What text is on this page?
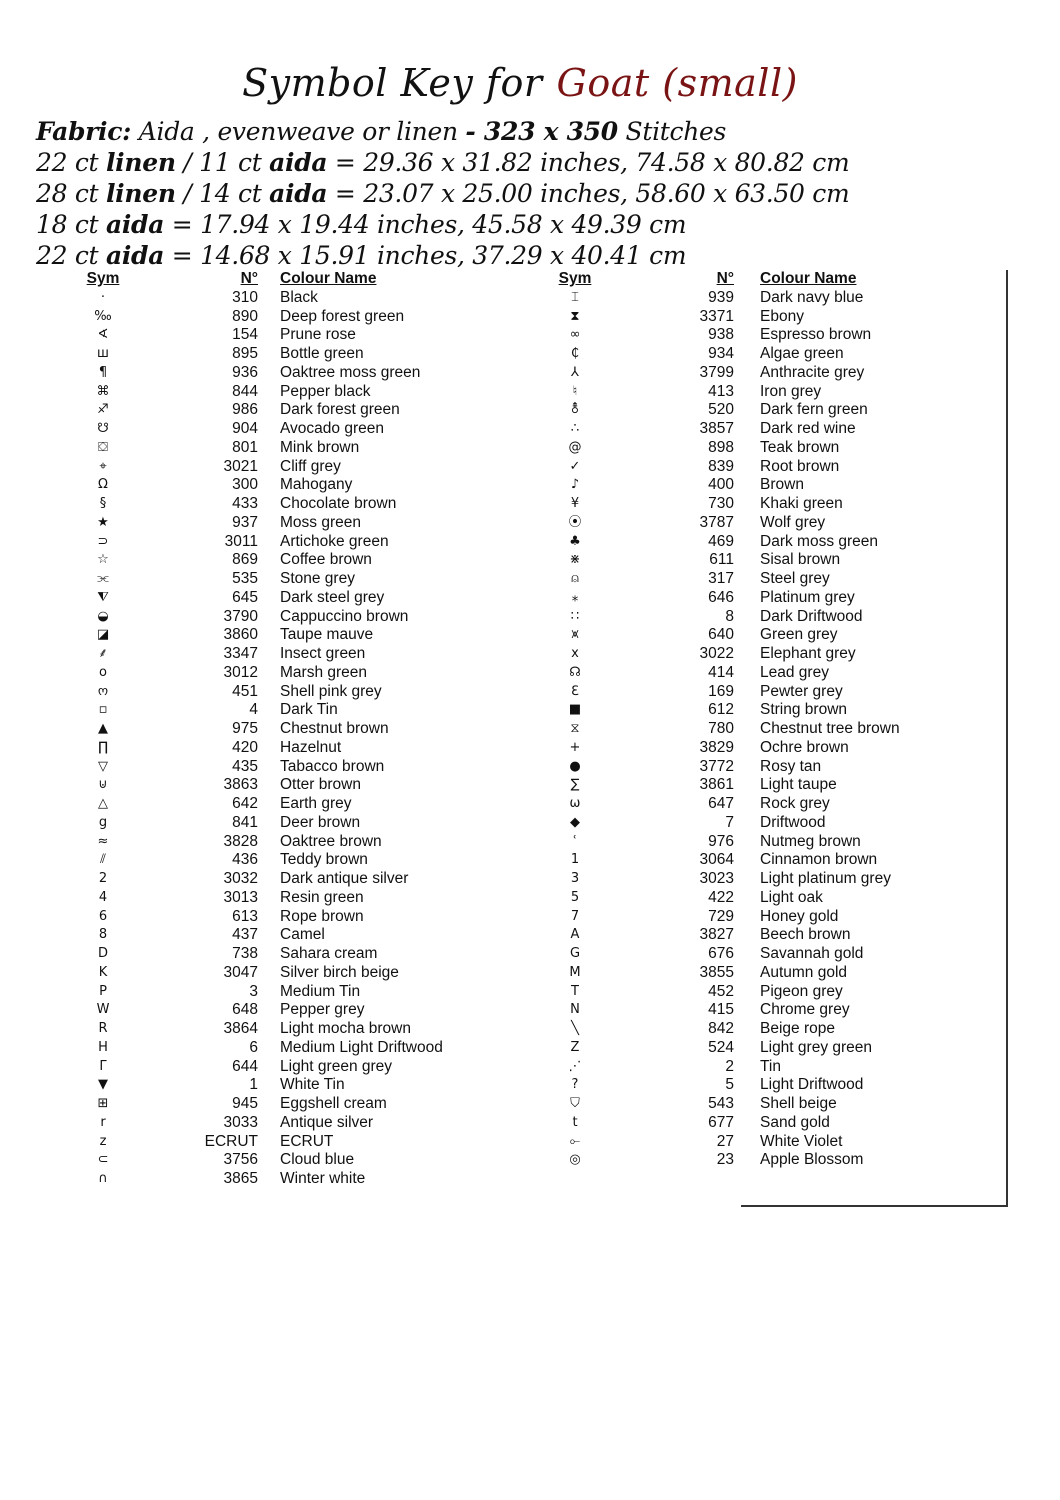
Symbol Key for Goat (small)
Fabric: Aida , evenweave or linen - 323 x 350 Stitches
22 ct linen / 11 ct aida = 29.36 x 31.82 inches, 74.58 x 80.82 cm
28 ct linen / 14 ct aida = 23.07 x 25.00 inches, 58.60 x 63.50 cm
18 ct aida = 17.94 x 19.44 inches, 45.58 x 49.39 cm
22 ct aida = 14.68 x 15.91 inches, 37.29 x 40.41 cm
Sym	N°	Colour Name
·	310	Black
‰	890	Deep forest green
∢	154	Prune rose
ш	895	Bottle green
¶	936	Oaktree moss green
⌘	844	Pepper black
♐	986	Dark forest green
☋	904	Avocado green
⛋	801	Mink brown
⌖	3021	Cliff grey
Ω	300	Mahogany
§	433	Chocolate brown
★	937	Moss green
⊃	3011	Artichoke green
☆	869	Coffee brown
⫘	535	Stone grey
⧨	645	Dark steel grey
◒	3790	Cappuccino brown
◪	3860	Taupe mauve
⸙	3347	Insect green
o	3012	Marsh green
ო	451	Shell pink grey
▫	4	Dark Tin
▲	975	Chestnut brown
∏	420	Hazelnut
▽	435	Tabacco brown
⊍	3863	Otter brown
△	642	Earth grey
g	841	Deer brown
≈	3828	Oaktree brown
⫽	436	Teddy brown
2	3032	Dark antique silver
4	3013	Resin green
6	613	Rope brown
8	437	Camel
D	738	Sahara cream
K	3047	Silver birch beige
P	3	Medium Tin
W	648	Pepper grey
R	3864	Light mocha brown
H	6	Medium Light Driftwood
Γ	644	Light green grey
▼	1	White Tin
⊞	945	Eggshell cream
r	3033	Antique silver
z	ECRUT	ECRUT
⊂	3756	Cloud blue
∩	3865	Winter white
Sym	N°	Colour Name
⌶	939	Dark navy blue
⧗	3371	Ebony
∞	938	Espresso brown
₵	934	Algae green
⅄	3799	Anthracite grey
♮	413	Iron grey
⚨	520	Dark fern green
∴	3857	Dark red wine
@	898	Teak brown
✓	839	Root brown
♪	400	Brown
¥	730	Khaki green
⦿	3787	Wolf grey
♣	469	Dark moss green
⋇	611	Sisal brown
⍝	317	Steel grey
⁎	646	Platinum grey
∷	8	Dark Driftwood
⩙	640	Green grey
x	3022	Elephant grey
☊	414	Lead grey
ℇ	169	Pewter grey
■	612	String brown
⧖	780	Chestnut tree brown
+	3829	Ochre brown
●	3772	Rosy tan
∑	3861	Light taupe
ω	647	Rock grey
◆	7	Driftwood
ʿ	976	Nutmeg brown
1	3064	Cinnamon brown
3	3023	Light platinum grey
5	422	Light oak
7	729	Honey gold
A	3827	Beech brown
G	676	Savannah gold
M	3855	Autumn gold
T	452	Pigeon grey
N	415	Chrome grey
╲	842	Beige rope
Z	524	Light grey green
⋰	2	Tin
?	5	Light Driftwood
⛉	543	Shell beige
t	677	Sand gold
⟜	27	White Violet
◎	23	Apple Blossom
